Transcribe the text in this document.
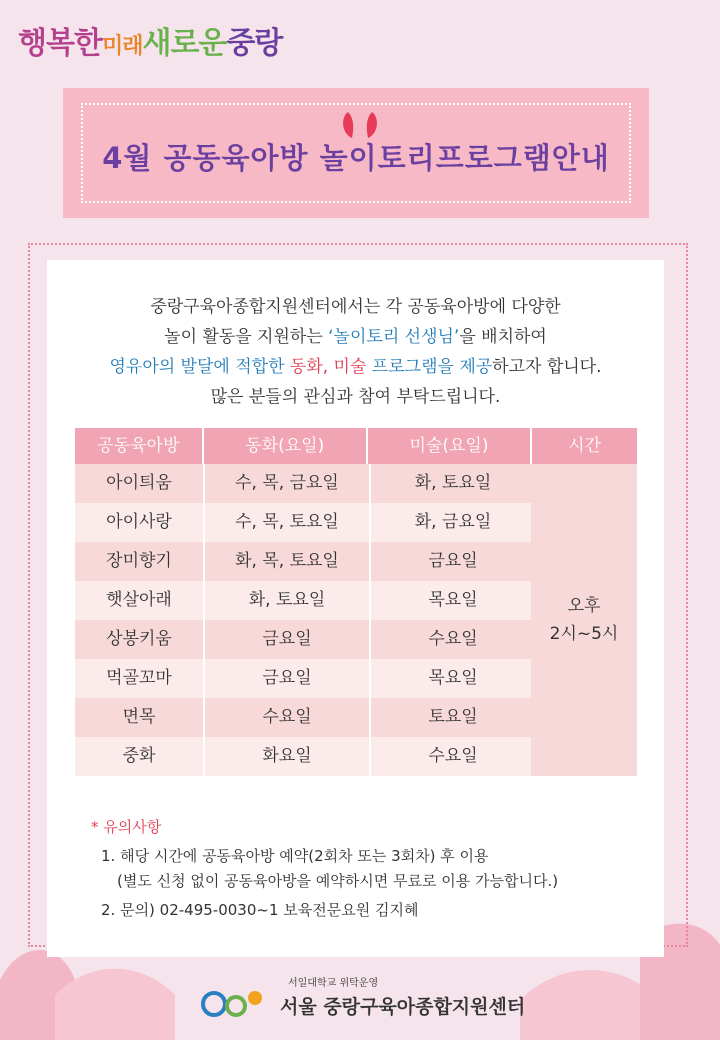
행복한미래새로운중랑
4월 공동육아방 놀이토리프로그램안내
중랑구육아종합지원센터에서는 각 공동육아방에 다양한
놀이 활동을 지원하는 ‘놀이토리 선생님’을 배치하여
영유아의 발달에 적합한 동화, 미술 프로그램을 제공하고자 합니다.
많은 분들의 관심과 참여 부탁드립니다.
공동육아방	동화(요일)	미술(요일)	시간
아이틔움	수, 목, 금요일	화, 토요일
아이사랑	수, 목, 토요일	화, 금요일
장미향기	화, 목, 토요일	금요일
햇살아래	화, 토요일	목요일
상봉키움	금요일	수요일
먹골꼬마	금요일	목요일
면목	수요일	토요일
중화	화요일	수요일
오후
2시~5시
* 유의사항
1. 해당 시간에 공동육아방 예약(2회차 또는 3회차) 후 이용
(별도 신청 없이 공동육아방을 예약하시면 무료로 이용 가능합니다.)
2. 문의) 02-495-0030~1 보육전문요원 김지혜
서일대학교 위탁운영
서울 중랑구육아종합지원센터
